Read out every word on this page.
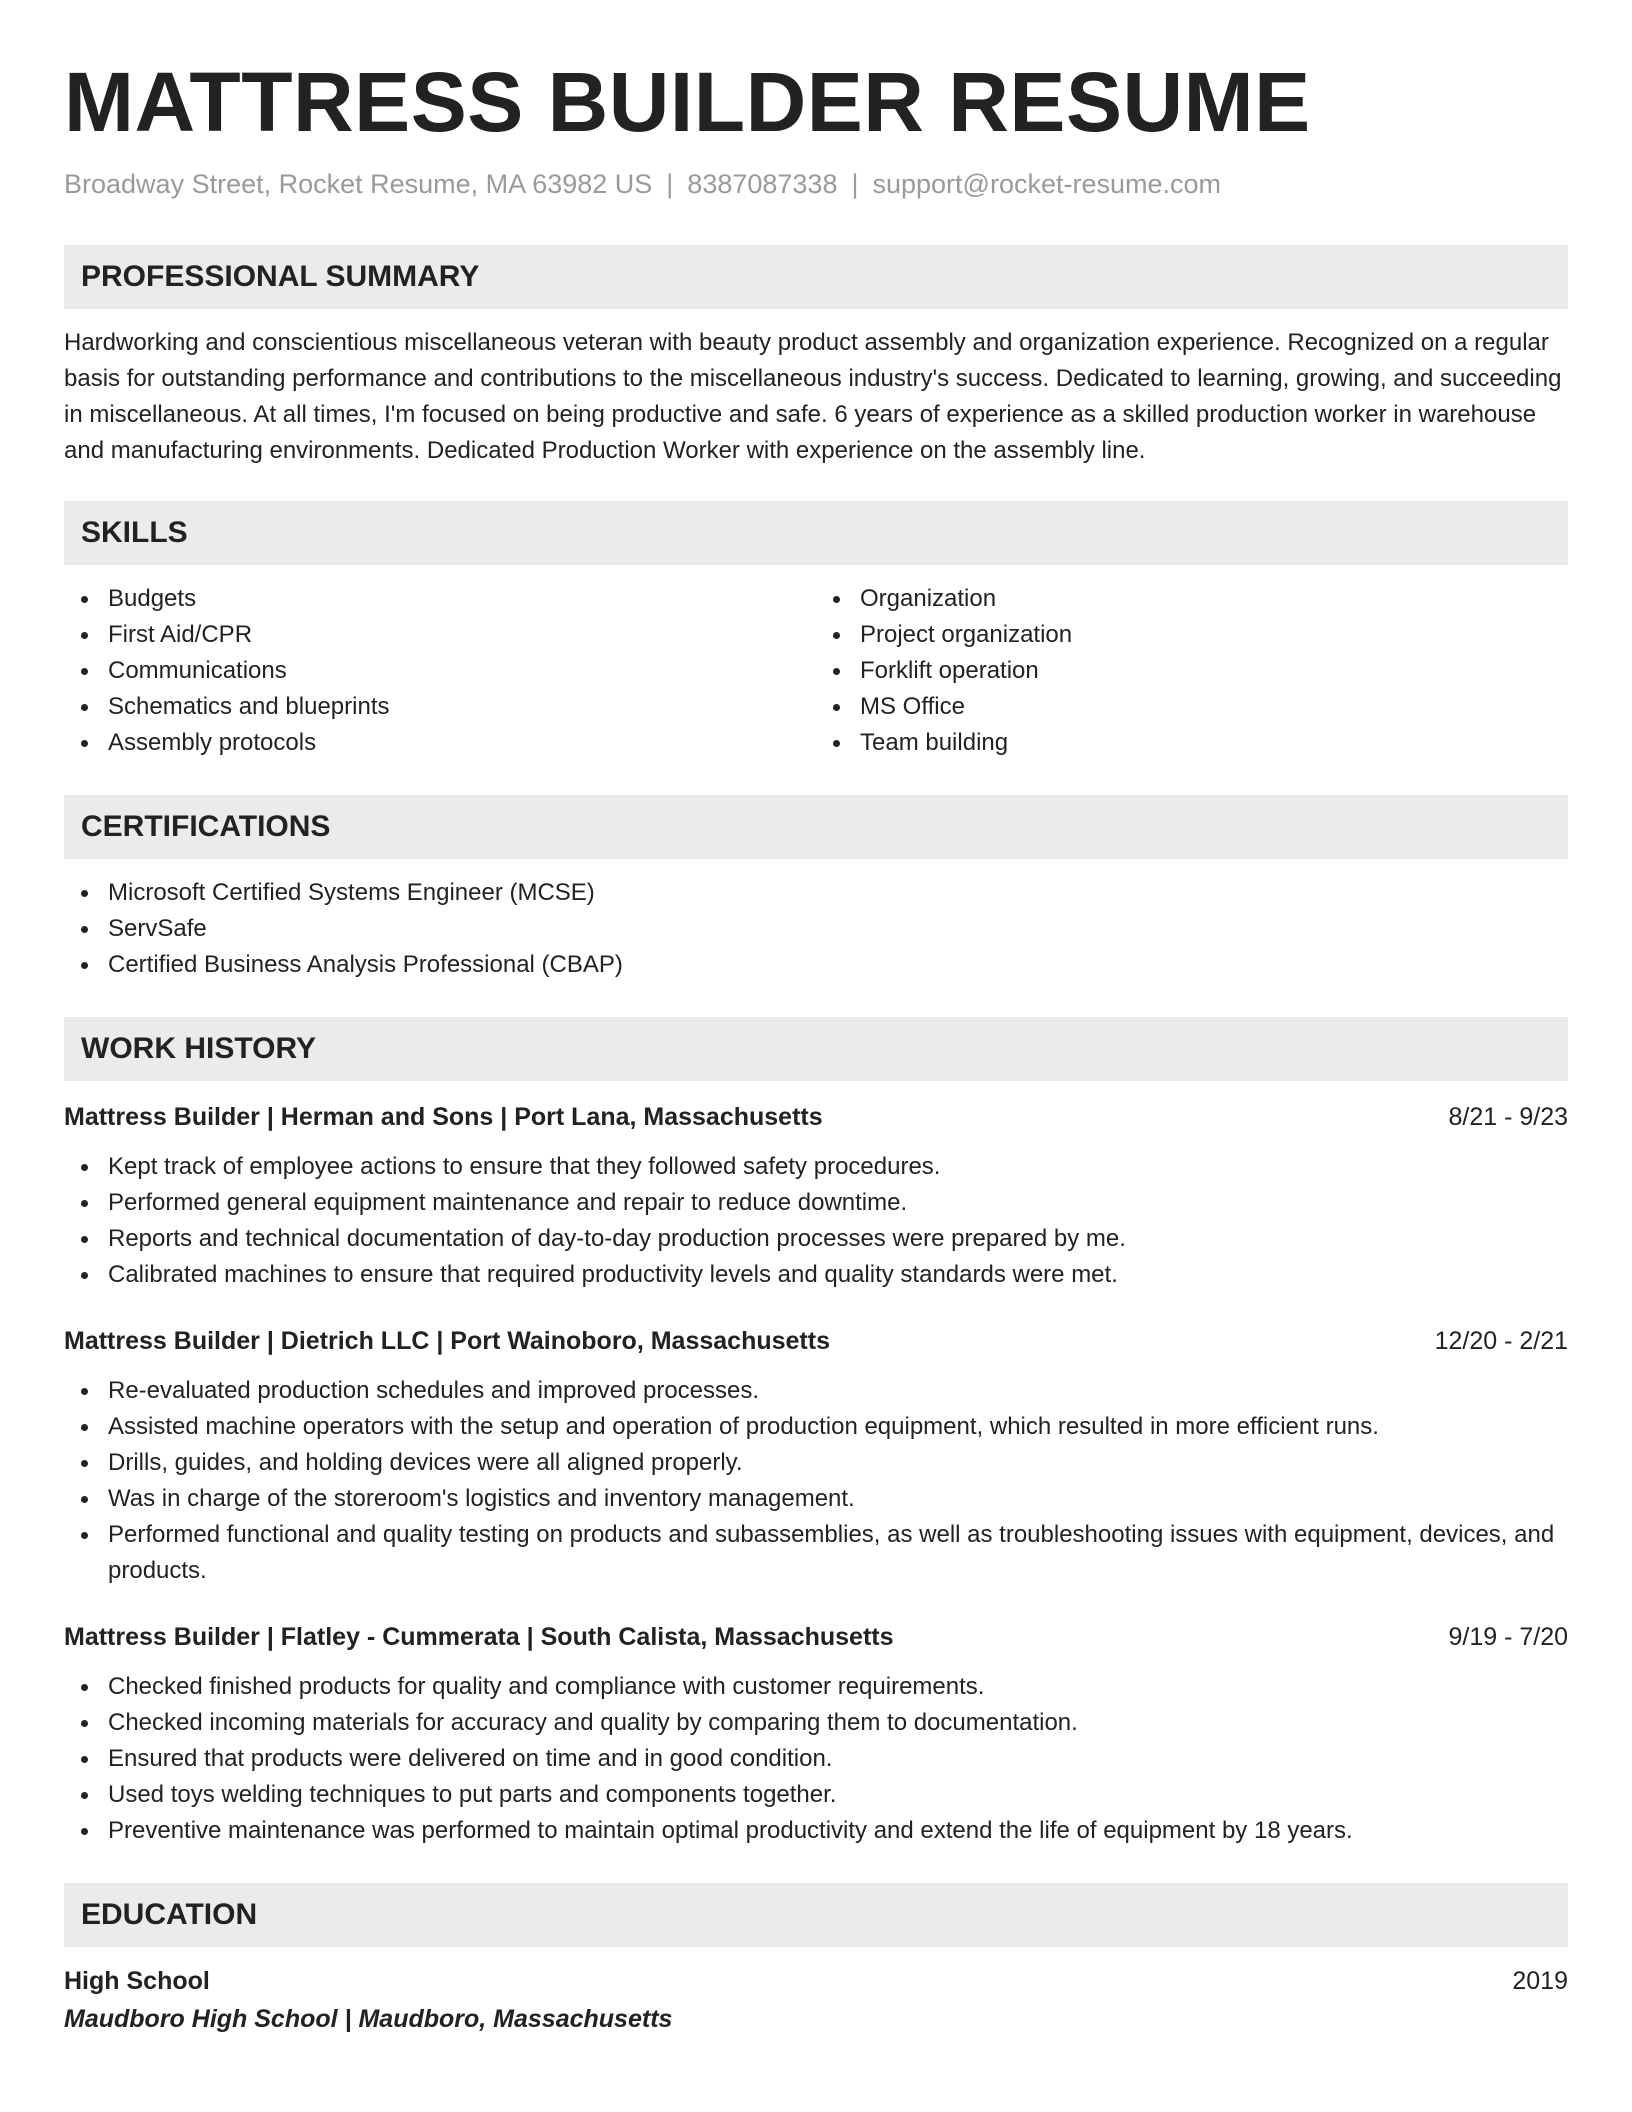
MATTRESS BUILDER RESUME
Broadway Street, Rocket Resume, MA 63982 US | 8387087338 | support@rocket-resume.com
PROFESSIONAL SUMMARY

Hardworking and conscientious miscellaneous veteran with beauty product assembly and organization experience. Recognized on a regular basis for outstanding performance and contributions to the miscellaneous industry's success. Dedicated to learning, growing, and succeeding in miscellaneous. At all times, I'm focused on being productive and safe. 6 years of experience as a skilled production worker in warehouse and manufacturing environments. Dedicated Production Worker with experience on the assembly line.

SKILLS
Budgets
First Aid/CPR
Communications
Schematics and blueprints
Assembly protocols
Organization
Project organization
Forklift operation
MS Office
Team building
CERTIFICATIONS
Microsoft Certified Systems Engineer (MCSE)
ServSafe
Certified Business Analysis Professional (CBAP)
WORK HISTORY
Mattress Builder | Herman and Sons | Port Lana, Massachusetts	8/21 - 9/23
Kept track of employee actions to ensure that they followed safety procedures.
Performed general equipment maintenance and repair to reduce downtime.
Reports and technical documentation of day-to-day production processes were prepared by me.
Calibrated machines to ensure that required productivity levels and quality standards were met.
Mattress Builder | Dietrich LLC | Port Wainoboro, Massachusetts	12/20 - 2/21
Re-evaluated production schedules and improved processes.
Assisted machine operators with the setup and operation of production equipment, which resulted in more efficient runs.
Drills, guides, and holding devices were all aligned properly.
Was in charge of the storeroom's logistics and inventory management.
Performed functional and quality testing on products and subassemblies, as well as troubleshooting issues with equipment, devices, and products.
Mattress Builder | Flatley - Cummerata | South Calista, Massachusetts	9/19 - 7/20
Checked finished products for quality and compliance with customer requirements.
Checked incoming materials for accuracy and quality by comparing them to documentation.
Ensured that products were delivered on time and in good condition.
Used toys welding techniques to put parts and components together.
Preventive maintenance was performed to maintain optimal productivity and extend the life of equipment by 18 years.
EDUCATION
High School	2019
Maudboro High School | Maudboro, Massachusetts
